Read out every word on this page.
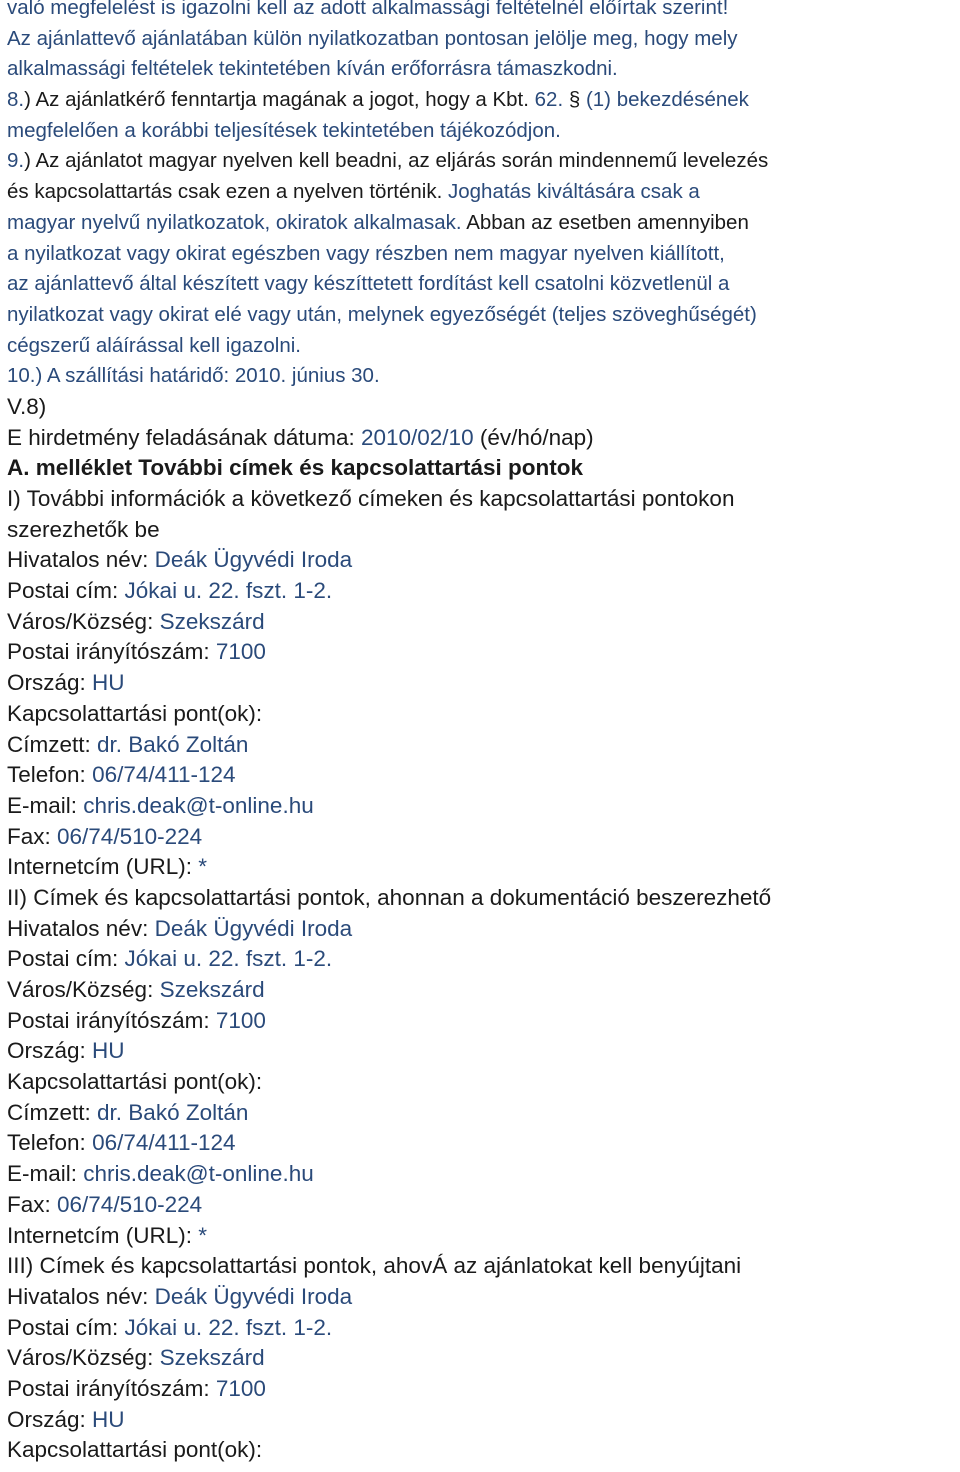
való megfelelést is igazolni kell az adott alkalmassági feltételnél előírtak szerint!
Az ajánlattevő ajánlatában külön nyilatkozatban pontosan jelölje meg, hogy mely
alkalmassági feltételek tekintetében kíván erőforrásra támaszkodni.
8.) Az ajánlatkérő fenntartja magának a jogot, hogy a Kbt. 62. § (1) bekezdésének
megfelelően a korábbi teljesítések tekintetében tájékozódjon.
9.) Az ajánlatot magyar nyelven kell beadni, az eljárás során mindennemű levelezés
és kapcsolattartás csak ezen a nyelven történik. Joghatás kiváltására csak a
magyar nyelvű nyilatkozatok, okiratok alkalmasak. Abban az esetben amennyiben
a nyilatkozat vagy okirat egészben vagy részben nem magyar nyelven kiállított,
az ajánlattevő által készített vagy készíttetett fordítást kell csatolni közvetlenül a
nyilatkozat vagy okirat elé vagy után, melynek egyezőségét (teljes szöveghűségét)
cégszerű aláírással kell igazolni.
10.) A szállítási határidő: 2010. június 30.
V.8)
E hirdetmény feladásának dátuma: 2010/02/10 (év/hó/nap)
A. melléklet További címek és kapcsolattartási pontok
I) További információk a következő címeken és kapcsolattartási pontokon
szerezhetők be
Hivatalos név: Deák Ügyvédi Iroda
Postai cím: Jókai u. 22. fszt. 1-2.
Város/Község: Szekszárd
Postai irányítószám: 7100
Ország: HU
Kapcsolattartási pont(ok):
Címzett: dr. Bakó Zoltán
Telefon: 06/74/411-124
E-mail: chris.deak@t-online.hu
Fax: 06/74/510-224
Internetcím (URL): *
II) Címek és kapcsolattartási pontok, ahonnan a dokumentáció beszerezhető
Hivatalos név: Deák Ügyvédi Iroda
Postai cím: Jókai u. 22. fszt. 1-2.
Város/Község: Szekszárd
Postai irányítószám: 7100
Ország: HU
Kapcsolattartási pont(ok):
Címzett: dr. Bakó Zoltán
Telefon: 06/74/411-124
E-mail: chris.deak@t-online.hu
Fax: 06/74/510-224
Internetcím (URL): *
III) Címek és kapcsolattartási pontok, ahovÁ az ajánlatokat kell benyújtani
Hivatalos név: Deák Ügyvédi Iroda
Postai cím: Jókai u. 22. fszt. 1-2.
Város/Község: Szekszárd
Postai irányítószám: 7100
Ország: HU
Kapcsolattartási pont(ok):
